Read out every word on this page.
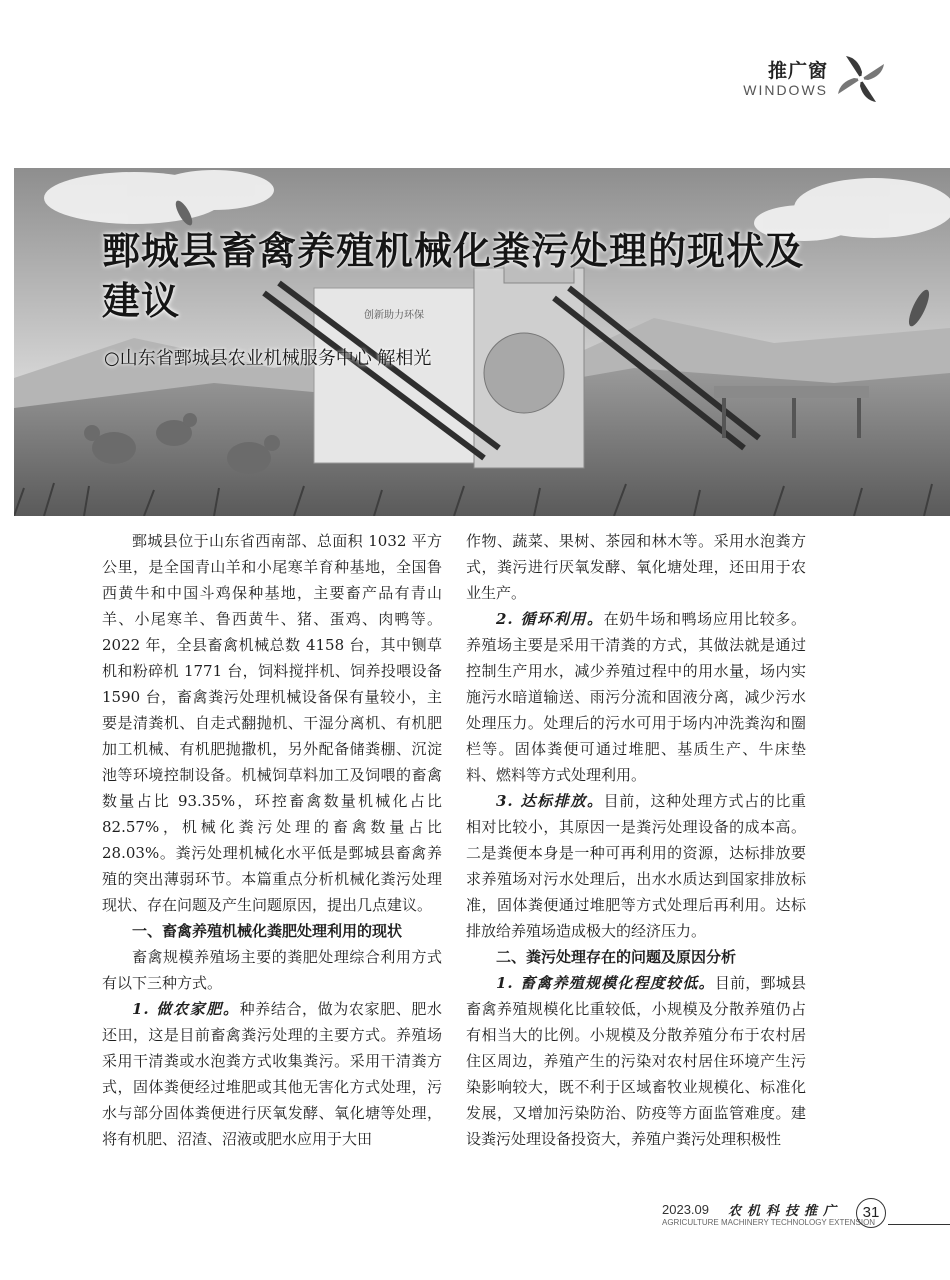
推广窗
WINDOWS
创新助力环保
鄄城县畜禽养殖机械化粪污处理的现状及建议
○山东省鄄城县农业机械服务中心 解相光

鄄城县位于山东省西南部、总面积 1032 平方公里，是全国青山羊和小尾寒羊育种基地，全国鲁西黄牛和中国斗鸡保种基地，主要畜产品有青山羊、小尾寒羊、鲁西黄牛、猪、蛋鸡、肉鸭等。2022 年，全县畜禽机械总数 4158 台，其中铡草机和粉碎机 1771 台，饲料搅拌机、饲养投喂设备 1590 台，畜禽粪污处理机械设备保有量较小，主要是清粪机、自走式翻抛机、干湿分离机、有机肥加工机械、有机肥抛撒机，另外配备储粪棚、沉淀池等环境控制设备。机械饲草料加工及饲喂的畜禽数量占比 93.35%，环控畜禽数量机械化占比 82.57%，机械化粪污处理的畜禽数量占比 28.03%。粪污处理机械化水平低是鄄城县畜禽养殖的突出薄弱环节。本篇重点分析机械化粪污处理现状、存在问题及产生问题原因，提出几点建议。

一、畜禽养殖机械化粪肥处理利用的现状

畜禽规模养殖场主要的粪肥处理综合利用方式有以下三种方式。

1. 做农家肥。种养结合，做为农家肥、肥水还田，这是目前畜禽粪污处理的主要方式。养殖场采用干清粪或水泡粪方式收集粪污。采用干清粪方式，固体粪便经过堆肥或其他无害化方式处理，污水与部分固体粪便进行厌氧发酵、氧化塘等处理，将有机肥、沼渣、沼液或肥水应用于大田

作物、蔬菜、果树、茶园和林木等。采用水泡粪方式，粪污进行厌氧发酵、氧化塘处理，还田用于农业生产。

2. 循环利用。在奶牛场和鸭场应用比较多。养殖场主要是采用干清粪的方式，其做法就是通过控制生产用水，减少养殖过程中的用水量，场内实施污水暗道输送、雨污分流和固液分离，减少污水处理压力。处理后的污水可用于场内冲洗粪沟和圈栏等。固体粪便可通过堆肥、基质生产、牛床垫料、燃料等方式处理利用。

3. 达标排放。目前，这种处理方式占的比重相对比较小，其原因一是粪污处理设备的成本高。二是粪便本身是一种可再利用的资源，达标排放要求养殖场对污水处理后，出水水质达到国家排放标准，固体粪便通过堆肥等方式处理后再利用。达标排放给养殖场造成极大的经济压力。

二、粪污处理存在的问题及原因分析

1. 畜禽养殖规模化程度较低。目前，鄄城县畜禽养殖规模化比重较低，小规模及分散养殖仍占有相当大的比例。小规模及分散养殖分布于农村居住区周边，养殖产生的污染对农村居住环境产生污染影响较大，既不利于区域畜牧业规模化、标准化发展，又增加污染防治、防疫等方面监管难度。建设粪污处理设备投资大，养殖户粪污处理积极性

2023.09 农机科技推广
AGRICULTURE MACHINERY TECHNOLOGY EXTENSION
31
